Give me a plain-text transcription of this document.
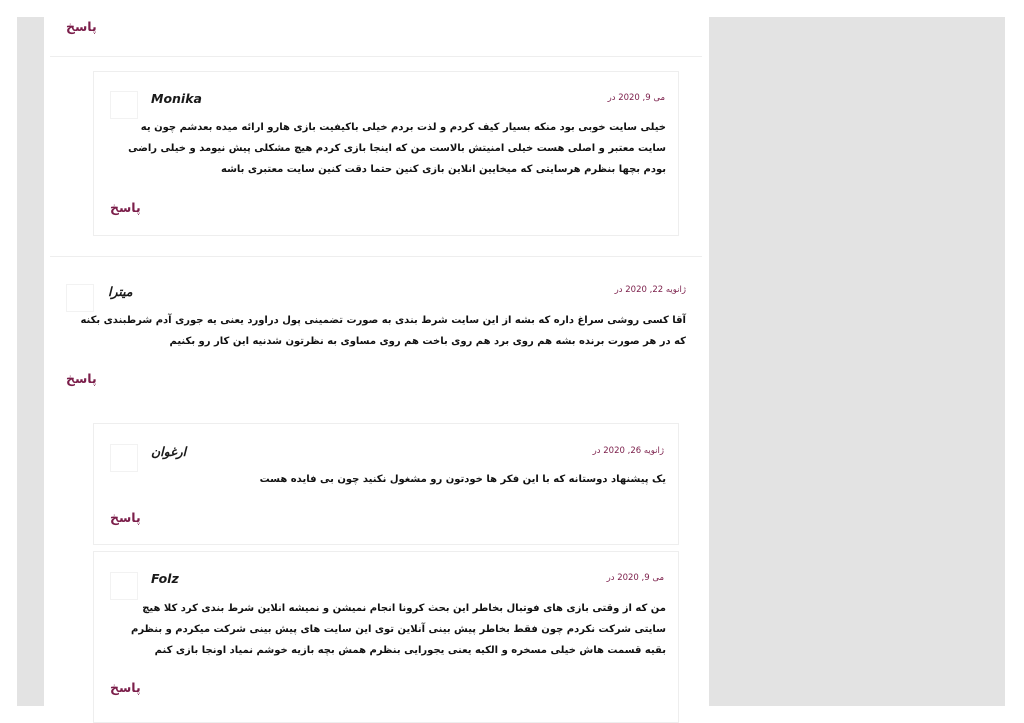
پاسخ
Monika	می 9, 2020 در
خیلی سایت خوبی بود منکه بسیار کیف کردم و لذت بردم خیلی باکیفیت بازی هارو ارائه میده بعدشم چون یه سایت معتبر و اصلی هست خیلی امنیتش بالاست من که اینجا بازی کردم هیچ مشکلی پیش نیومد و خیلی راضی بودم بچها بنظرم هرسایتی که میخایین انلاین بازی کنین حتما دقت کنین سایت معتبری باشه
پاسخ
میترا	ژانویه 22, 2020 در
آقا کسی روشی سراغ داره که بشه از این سایت شرط بندی به صورت تضمینی پول دراورد یعنی یه جوری آدم شرطبندی بکنه که در هر صورت برنده بشه هم روی برد هم روی باخت هم روی مساوی به نظرتون شدنیه این کار رو بکنیم
پاسخ
ارغوان	ژانویه 26, 2020 در
یک پیشنهاد دوستانه که با این فکر ها خودتون رو مشغول نکنید چون بی فایده هست
پاسخ
Folz	می 9, 2020 در
من که از وقتی بازی های فوتبال بخاطر این بحث کرونا انجام نمیشن و نمیشه انلاین شرط بندی کرد کلا هیچ سایتی شرکت نکردم چون فقط بخاطر پیش بینی آنلاین توی این سایت های پیش بینی شرکت میکردم و بنظرم بقیه قسمت هاش خیلی مسخره و الکیه یعنی یجورایی بنظرم همش بچه بازیه خوشم نمیاد اونجا بازی کنم
پاسخ
